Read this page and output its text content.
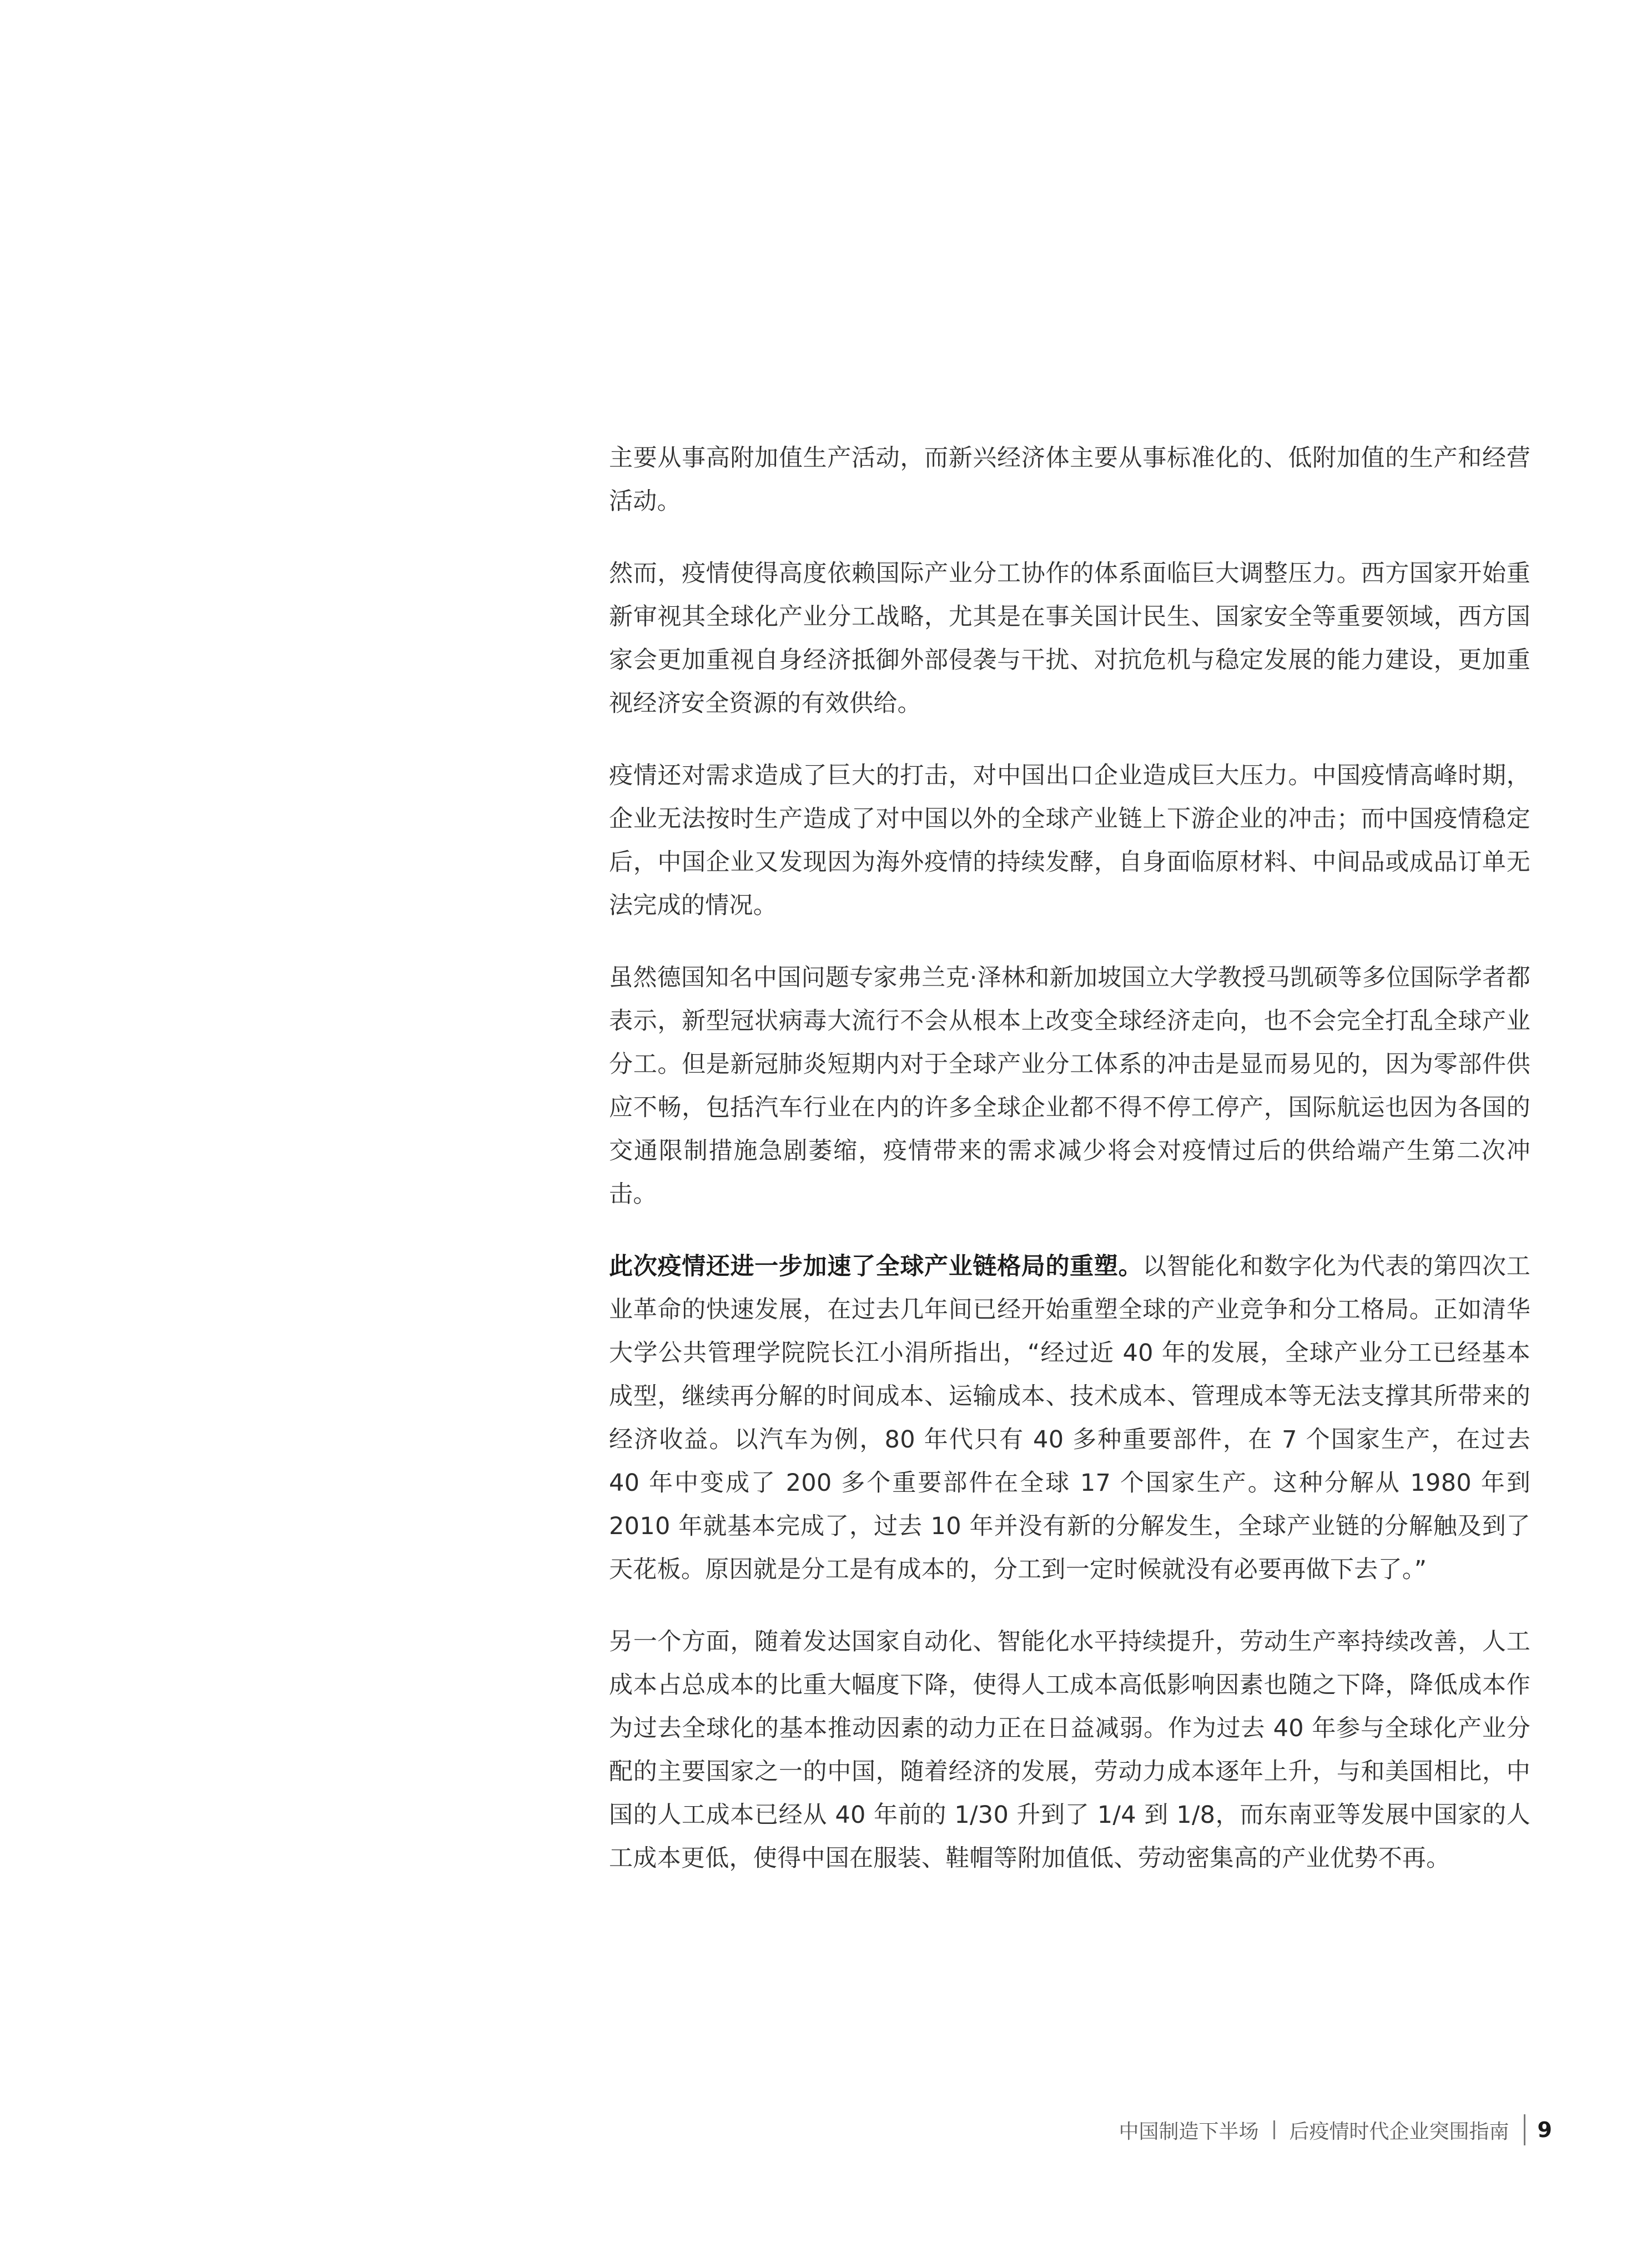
主要从事高附加值生产活动，而新兴经济体主要从事标准化的、低附加值的生产和经营活动。

然而，疫情使得高度依赖国际产业分工协作的体系面临巨大调整压力。西方国家开始重新审视其全球化产业分工战略，尤其是在事关国计民生、国家安全等重要领域，西方国家会更加重视自身经济抵御外部侵袭与干扰、对抗危机与稳定发展的能力建设，更加重视经济安全资源的有效供给。

疫情还对需求造成了巨大的打击，对中国出口企业造成巨大压力。中国疫情高峰时期，企业无法按时生产造成了对中国以外的全球产业链上下游企业的冲击；而中国疫情稳定后，中国企业又发现因为海外疫情的持续发酵，自身面临原材料、中间品或成品订单无法完成的情况。

虽然德国知名中国问题专家弗兰克·泽林和新加坡国立大学教授马凯硕等多位国际学者都表示，新型冠状病毒大流行不会从根本上改变全球经济走向，也不会完全打乱全球产业分工。但是新冠肺炎短期内对于全球产业分工体系的冲击是显而易见的，因为零部件供应不畅，包括汽车行业在内的许多全球企业都不得不停工停产，国际航运也因为各国的交通限制措施急剧萎缩，疫情带来的需求减少将会对疫情过后的供给端产生第二次冲击。

此次疫情还进一步加速了全球产业链格局的重塑。以智能化和数字化为代表的第四次工业革命的快速发展，在过去几年间已经开始重塑全球的产业竞争和分工格局。正如清华大学公共管理学院院长江小涓所指出，“经过近 40 年的发展，全球产业分工已经基本成型，继续再分解的时间成本、运输成本、技术成本、管理成本等无法支撑其所带来的经济收益。以汽车为例，80 年代只有 40 多种重要部件，在 7 个国家生产，在过去 40 年中变成了 200 多个重要部件在全球 17 个国家生产。这种分解从 1980 年到 2010 年就基本完成了，过去 10 年并没有新的分解发生，全球产业链的分解触及到了天花板。原因就是分工是有成本的，分工到一定时候就没有必要再做下去了。”

另一个方面，随着发达国家自动化、智能化水平持续提升，劳动生产率持续改善，人工成本占总成本的比重大幅度下降，使得人工成本高低影响因素也随之下降，降低成本作为过去全球化的基本推动因素的动力正在日益减弱。作为过去 40 年参与全球化产业分配的主要国家之一的中国，随着经济的发展，劳动力成本逐年上升，与和美国相比，中国的人工成本已经从 40 年前的 1/30 升到了 1/4 到 1/8，而东南亚等发展中国家的人工成本更低，使得中国在服装、鞋帽等附加值低、劳动密集高的产业优势不再。

中国制造下半场 后疫情时代企业突围指南 9
